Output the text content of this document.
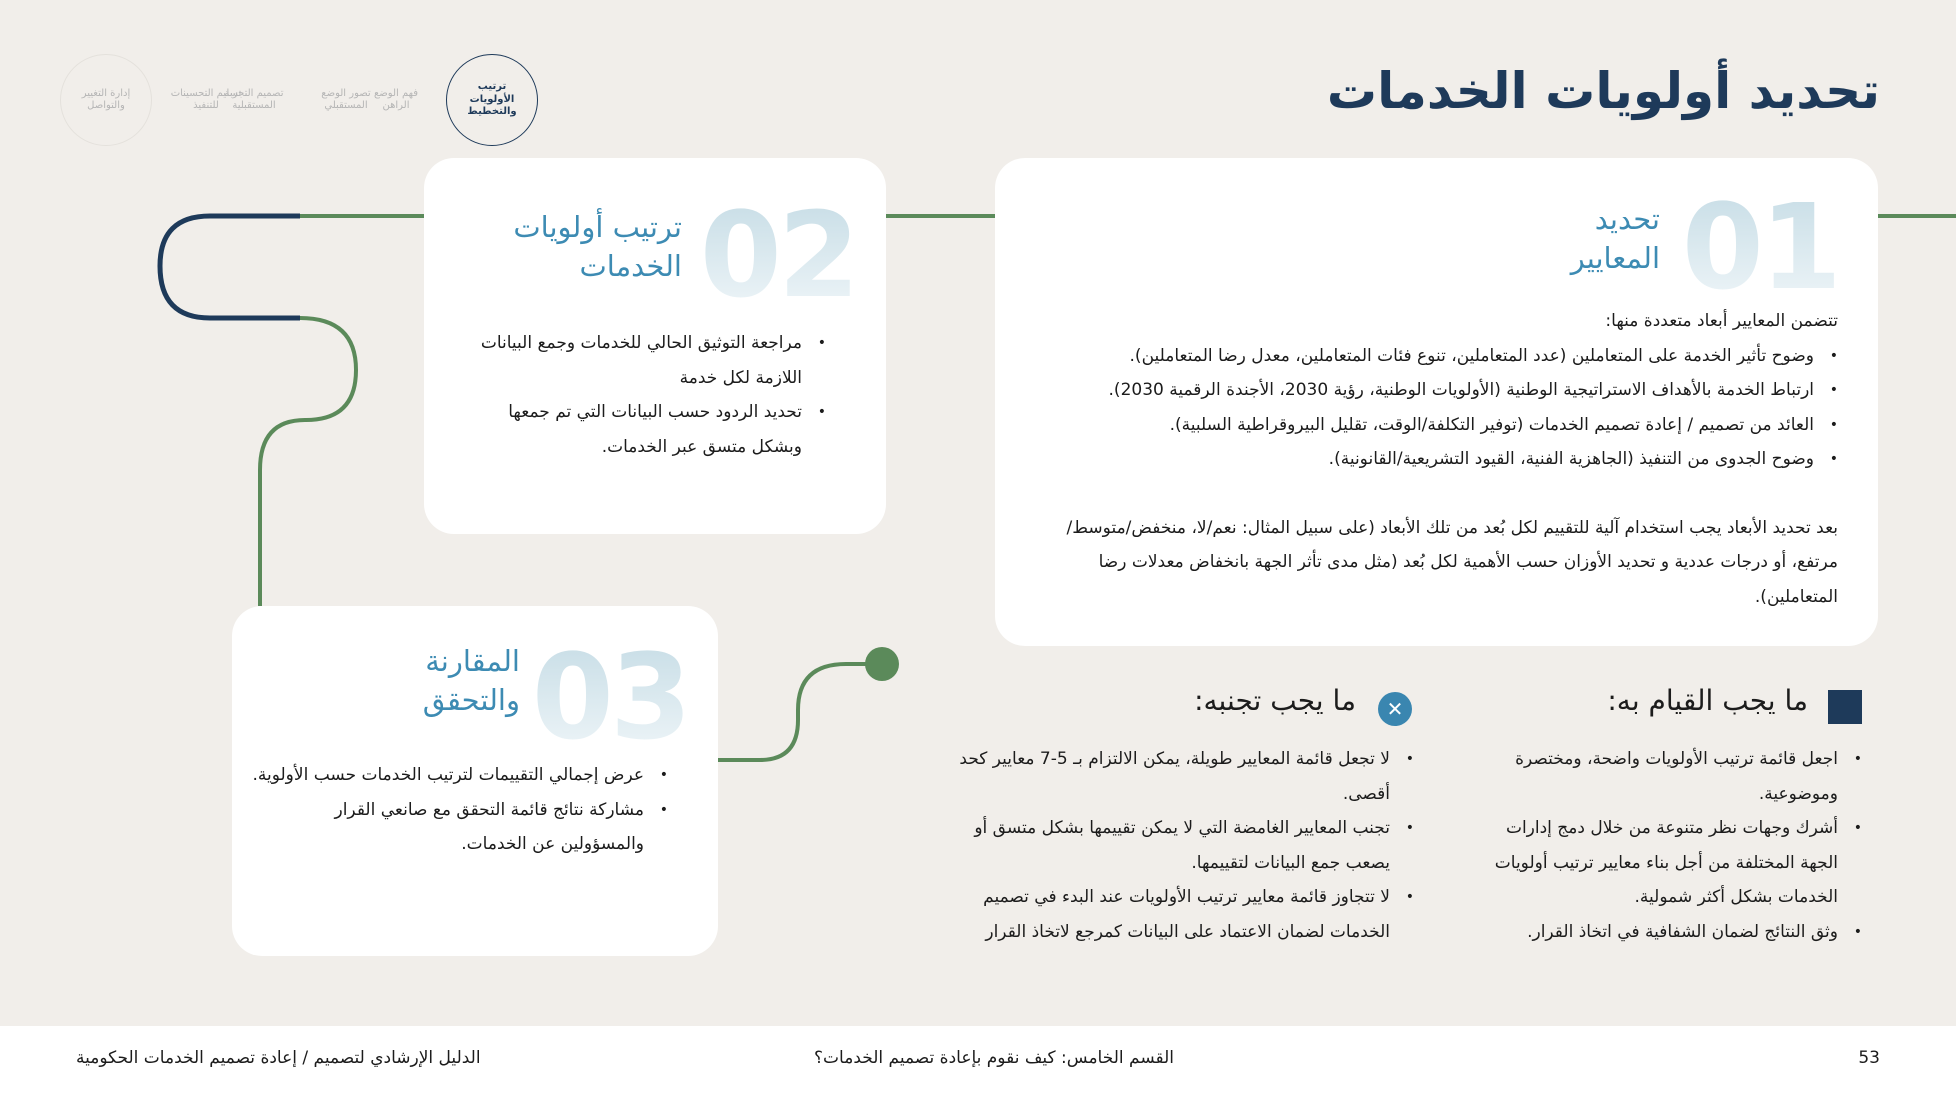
تحديد أولويات الخدمات
ترتيب الأولويات والتخطيط
فهم الوضع الراهن
تصور الوضع المستقبلي
تصميم التجربة المستقبلية
تسليم التحسينات للتنفيذ
إدارة التغيير والتواصل
01
تحديد المعايير

تتضمن المعايير أبعاد متعددة منها:

• وضوح تأثير الخدمة على المتعاملين (عدد المتعاملين، تنوع فئات المتعاملين، معدل رضا المتعاملين).
• ارتباط الخدمة بالأهداف الاستراتيجية الوطنية (الأولويات الوطنية، رؤية 2030، الأجندة الرقمية 2030).
• العائد من تصميم / إعادة تصميم الخدمات (توفير التكلفة/الوقت، تقليل البيروقراطية السلبية).
• وضوح الجدوى من التنفيذ (الجاهزية الفنية، القيود التشريعية/القانونية).

بعد تحديد الأبعاد يجب استخدام آلية للتقييم لكل بُعد من تلك الأبعاد (على سبيل المثال: نعم/لا، منخفض/متوسط/مرتفع، أو درجات عددية و تحديد الأوزان حسب الأهمية لكل بُعد (مثل مدى تأثر الجهة بانخفاض معدلات رضا المتعاملين).

02
ترتيب أولويات الخدمات
• مراجعة التوثيق الحالي للخدمات وجمع البيانات اللازمة لكل خدمة
• تحديد الردود حسب البيانات التي تم جمعها وبشكل متسق عبر الخدمات.
03
المقارنة والتحقق
• عرض إجمالي التقييمات لترتيب الخدمات حسب الأولوية.
• مشاركة نتائج قائمة التحقق مع صانعي القرار والمسؤولين عن الخدمات.
ما يجب القيام به:
• اجعل قائمة ترتيب الأولويات واضحة، ومختصرة وموضوعية.
• أشرك وجهات نظر متنوعة من خلال دمج إدارات الجهة المختلفة من أجل بناء معايير ترتيب أولويات الخدمات بشكل أكثر شمولية.
• وثق النتائج لضمان الشفافية في اتخاذ القرار.
✕
ما يجب تجنبه:
• لا تجعل قائمة المعايير طويلة، يمكن الالتزام بـ 5-7 معايير كحد أقصى.
• تجنب المعايير الغامضة التي لا يمكن تقييمها بشكل متسق أو يصعب جمع البيانات لتقييمها.
• لا تتجاوز قائمة معايير ترتيب الأولويات عند البدء في تصميم الخدمات لضمان الاعتماد على البيانات كمرجع لاتخاذ القرار
53
القسم الخامس: كيف نقوم بإعادة تصميم الخدمات؟
الدليل الإرشادي لتصميم / إعادة تصميم الخدمات الحكومية
